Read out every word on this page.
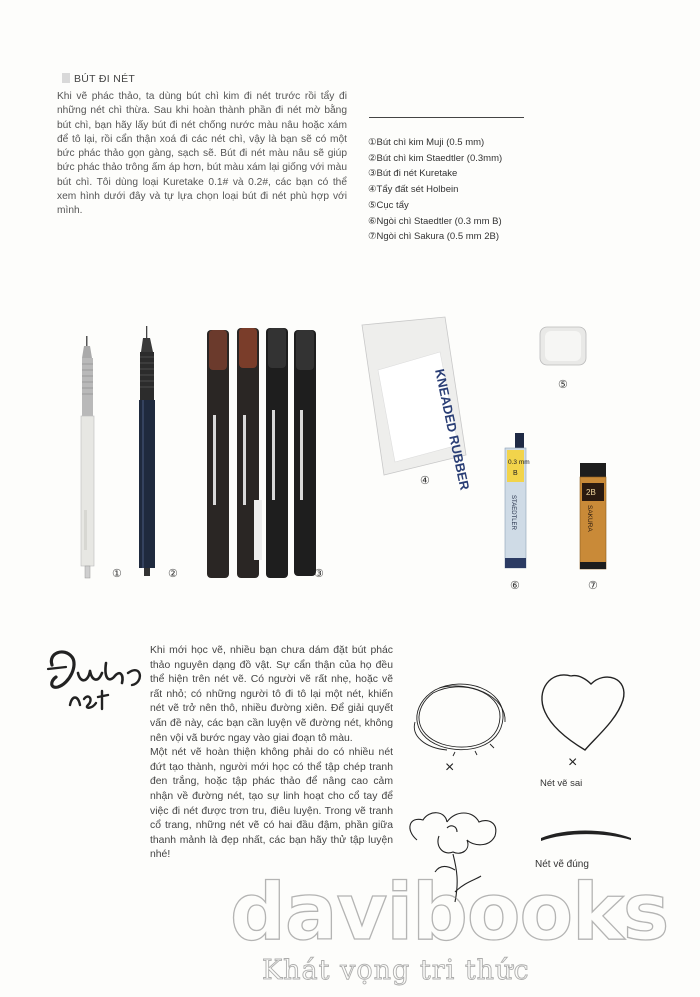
BÚT ĐI NÉT

Khi vẽ phác thảo, ta dùng bút chì kim đi nét trước rồi tẩy đi những nét chì thừa. Sau khi hoàn thành phần đi nét mờ bằng bút chì, bạn hãy lấy bút đi nét chống nước màu nâu hoặc xám để tô lại, rồi cẩn thận xoá đi các nét chì, vậy là bạn sẽ có một bức phác thảo gọn gàng, sạch sẽ. Bút đi nét màu nâu sẽ giúp bức phác thảo trông ấm áp hơn, bút màu xám lại giống với màu bút chì. Tôi dùng loại Kuretake 0.1# và 0.2#, các bạn có thể xem hình dưới đây và tự lựa chọn loại bút đi nét phù hợp với mình.

①Bút chì kim Muji (0.5 mm)
②Bút chì kim Staedtler (0.3mm)
③Bút đi nét Kuretake
④Tẩy đất sét Holbein
⑤Cục tẩy
⑥Ngòi chì Staedtler (0.3 mm B)
⑦Ngòi chì Sakura (0.5 mm 2B)
①	②	③
KNEADED RUBBER
④
⑤
0.3 mm
B
STAEDTLER
⑥
2B
SAKURA
⑦
Đường nét

Khi mới học vẽ, nhiều bạn chưa dám đặt bút phác thảo nguyên dạng đồ vật. Sự cẩn thận của họ đều thể hiện trên nét vẽ. Có người vẽ rất nhẹ, hoặc vẽ rất nhỏ; có những người tô đi tô lại một nét, khiến nét vẽ trở nên thô, nhiều đường xiên. Để giải quyết vấn đề này, các bạn cần luyện vẽ đường nét, không nên vội vã bước ngay vào giai đoạn tô màu.

Một nét vẽ hoàn thiện không phải do có nhiều nét đứt tạo thành, người mới học có thể tập chép tranh đen trắng, hoặc tập phác thảo để nâng cao cảm nhận về đường nét, tạo sự linh hoạt cho cổ tay để việc đi nét được trơn tru, điêu luyện. Trong vẽ tranh cổ trang, những nét vẽ có hai đầu đậm, phần giữa thanh mảnh là đẹp nhất, các bạn hãy thử tập luyện nhé!

×	×
Nét vẽ sai
Nét vẽ đúng
davibooks
Khát vọng tri thức
